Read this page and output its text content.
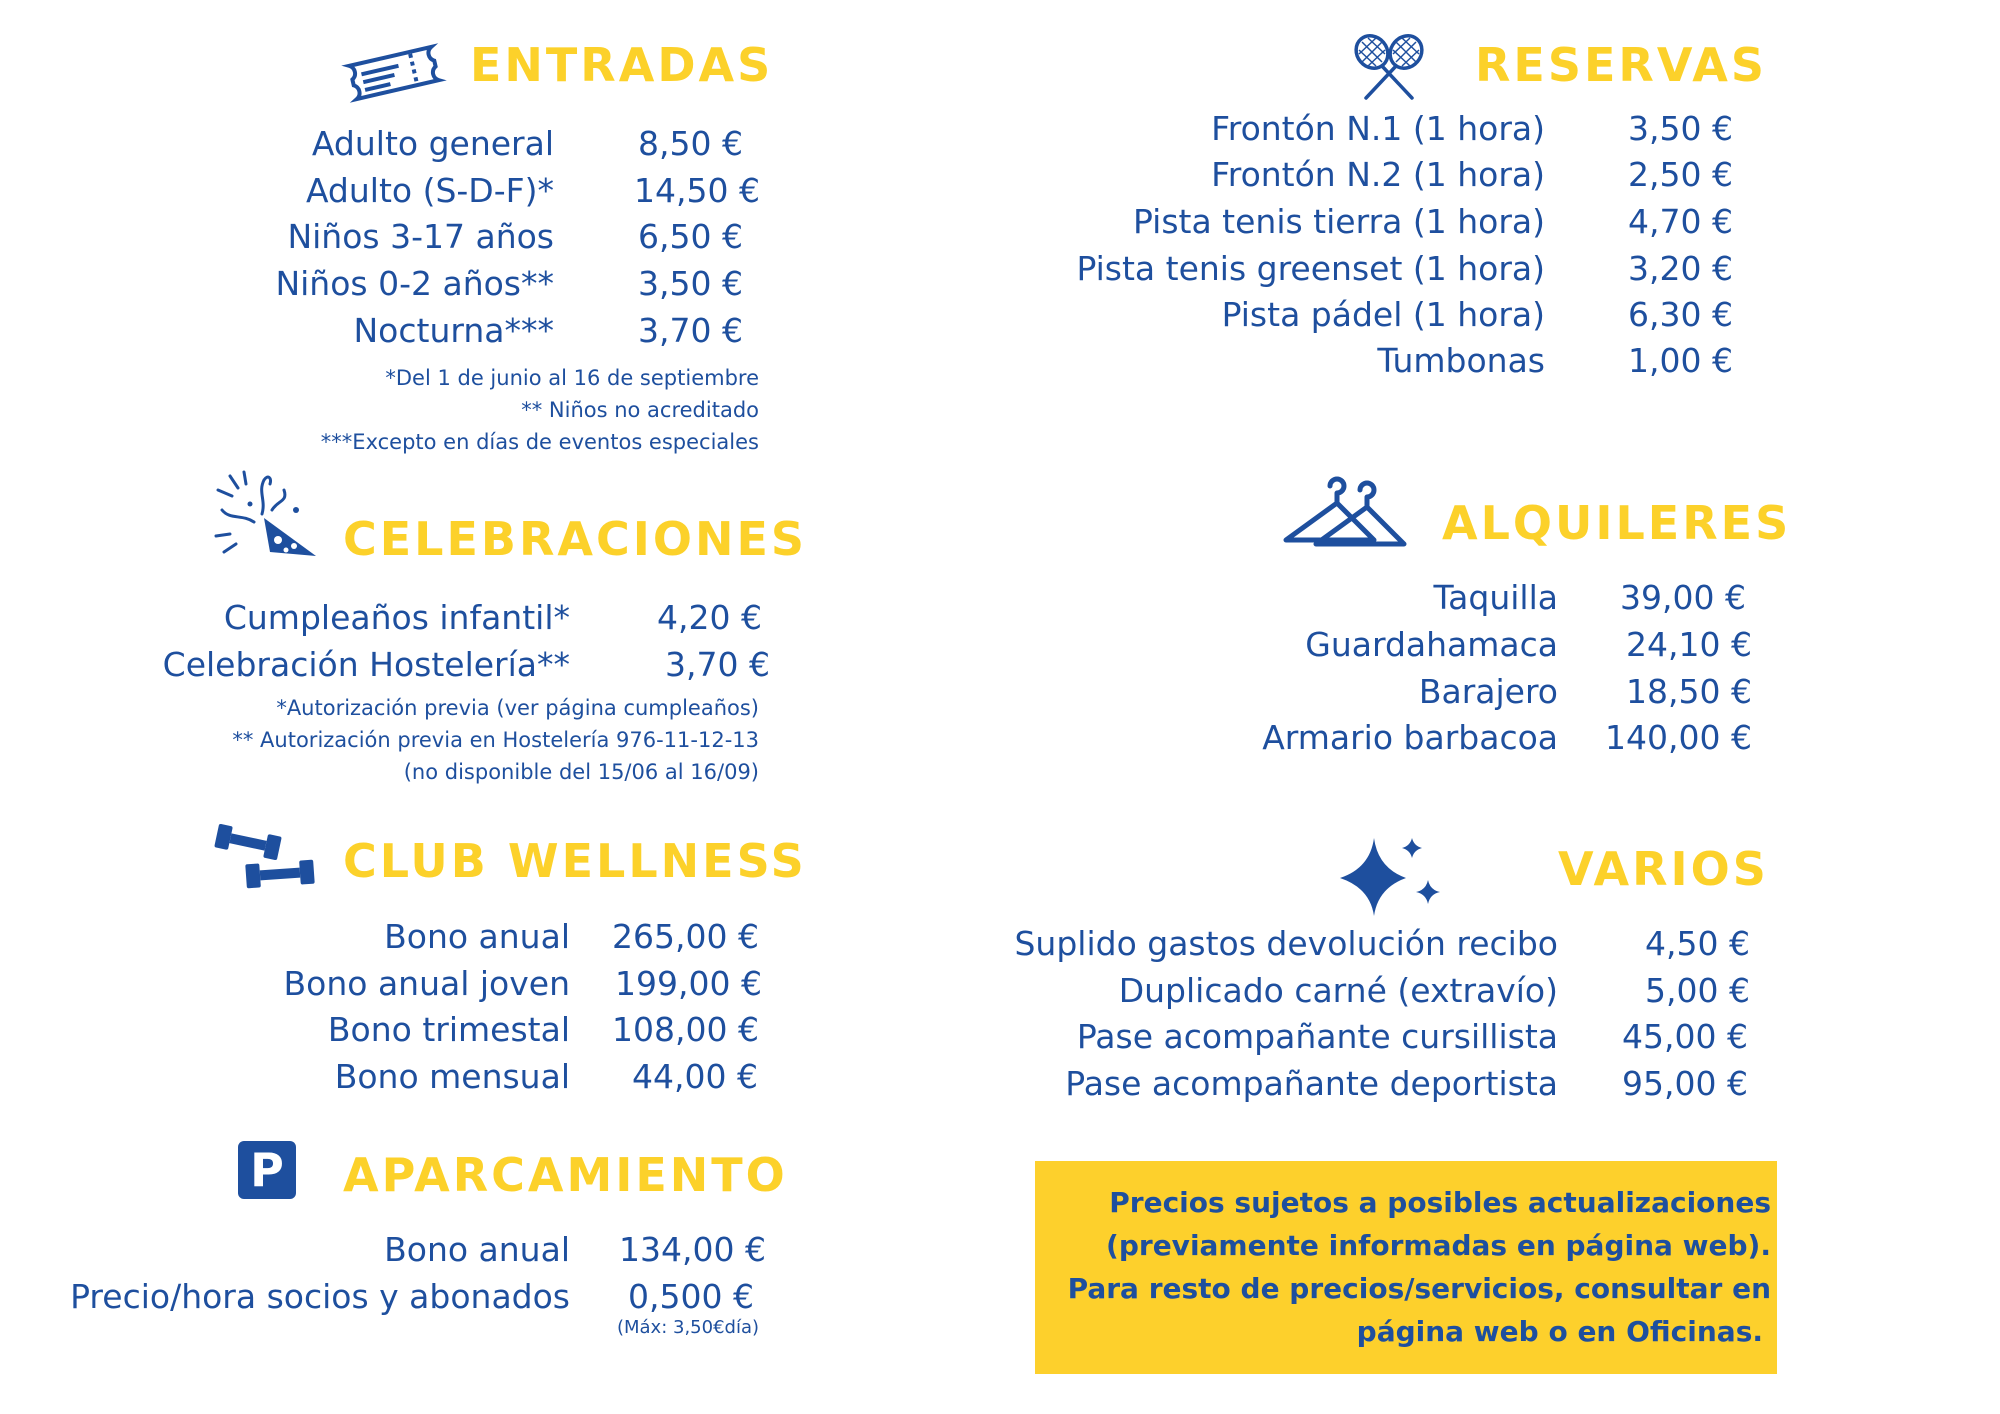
ENTRADAS
Adulto general	8,50 €
Adulto (S-D-F)* 14,50 €
Niños 3-17 años	6,50 €
Niños 0-2 años**	3,50 €
Nocturna***	3,70 €
*Del 1 de junio al 16 de septiembre
** Niños no acreditado
***Excepto en días de eventos especiales
CELEBRACIONES
Cumpleaños infantil*	4,20 €
Celebración Hostelería**	3,70 €
*Autorización previa (ver página cumpleaños)
** Autorización previa en Hostelería 976-11-12-13
(no disponible del 15/06 al 16/09)
CLUB WELLNESS
Bono anual 265,00 €
Bono anual joven 199,00 €
Bono trimestal 108,00 €
Bono mensual 44,00 €
P APARCAMIENTO
Bono anual 134,00 €
Precio/hora socios y abonados 0,500 €
(Máx: 3,50€día)
RESERVAS
Frontón N.1 (1 hora)	3,50 €
Frontón N.2 (1 hora)	2,50 €
Pista tenis tierra (1 hora)	4,70 €
Pista tenis greenset (1 hora)	3,20 €
Pista pádel (1 hora)	6,30 €
Tumbonas	1,00 €
ALQUILERES
Taquilla 39,00 €
Guardahamaca 24,10 €
Barajero 18,50 €
Armario barbacoa 140,00 €
VARIOS
Suplido gastos devolución recibo	4,50 €
Duplicado carné (extravío)	5,00 €
Pase acompañante cursillista 45,00 €
Pase acompañante deportista 95,00 €
Precios sujetos a posibles actualizaciones
(previamente informadas en página web).
Para resto de precios/servicios, consultar en
página web o en Oficinas.
